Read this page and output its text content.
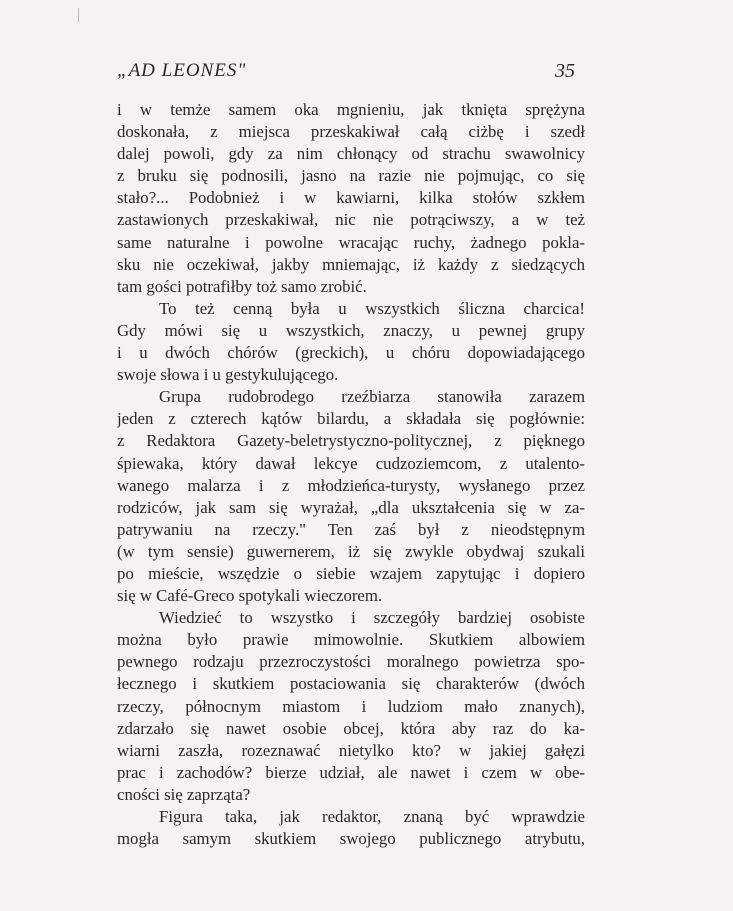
„AD LEONES"	35
i w temże samem oka mgnieniu, jak tknięta sprężyna
doskonała, z miejsca przeskakiwał całą ciżbę i szedł
dalej powoli, gdy za nim chłonący od strachu swawolnicy
z bruku się podnosili, jasno na razie nie pojmując, co się
stało?... Podobnież i w kawiarni, kilka stołów szkłem
zastawionych przeskakiwał, nic nie potrąciwszy, a w też
same naturalne i powolne wracając ruchy, żadnego pokla-
sku nie oczekiwał, jakby mniemając, iż każdy z siedzących
tam gości potrafiłby toż samo zrobić.
To też cenną była u wszystkich śliczna charcica!
Gdy mówi się u wszystkich, znaczy, u pewnej grupy
i u dwóch chórów (greckich), u chóru dopowiadającego
swoje słowa i u gestykulującego.
Grupa rudobrodego rzeźbiarza stanowiła zarazem
jeden z czterech kątów bilardu, a składała się pogłównie:
z Redaktora Gazety-beletrystyczno-politycznej, z pięknego
śpiewaka, który dawał lekcye cudzoziemcom, z utalento-
wanego malarza i z młodzieńca-turysty, wysłanego przez
rodziców, jak sam się wyrażał, „dla ukształcenia się w za-
patrywaniu na rzeczy." Ten zaś był z nieodstępnym
(w tym sensie) guwernerem, iż się zwykle obydwaj szukali
po mieście, wszędzie o siebie wzajem zapytując i dopiero
się w Café-Greco spotykali wieczorem.
Wiedzieć to wszystko i szczegóły bardziej osobiste
można było prawie mimowolnie. Skutkiem albowiem
pewnego rodzaju przezroczystości moralnego powietrza spo-
łecznego i skutkiem postaciowania się charakterów (dwóch
rzeczy, północnym miastom i ludziom mało znanych),
zdarzało się nawet osobie obcej, która aby raz do ka-
wiarni zaszła, rozeznawać nietylko kto? w jakiej gałęzi
prac i zachodów? bierze udział, ale nawet i czem w obe-
cności się zaprząta?
Figura taka, jak redaktor, znaną być wprawdzie
mogła samym skutkiem swojego publicznego atrybutu,
